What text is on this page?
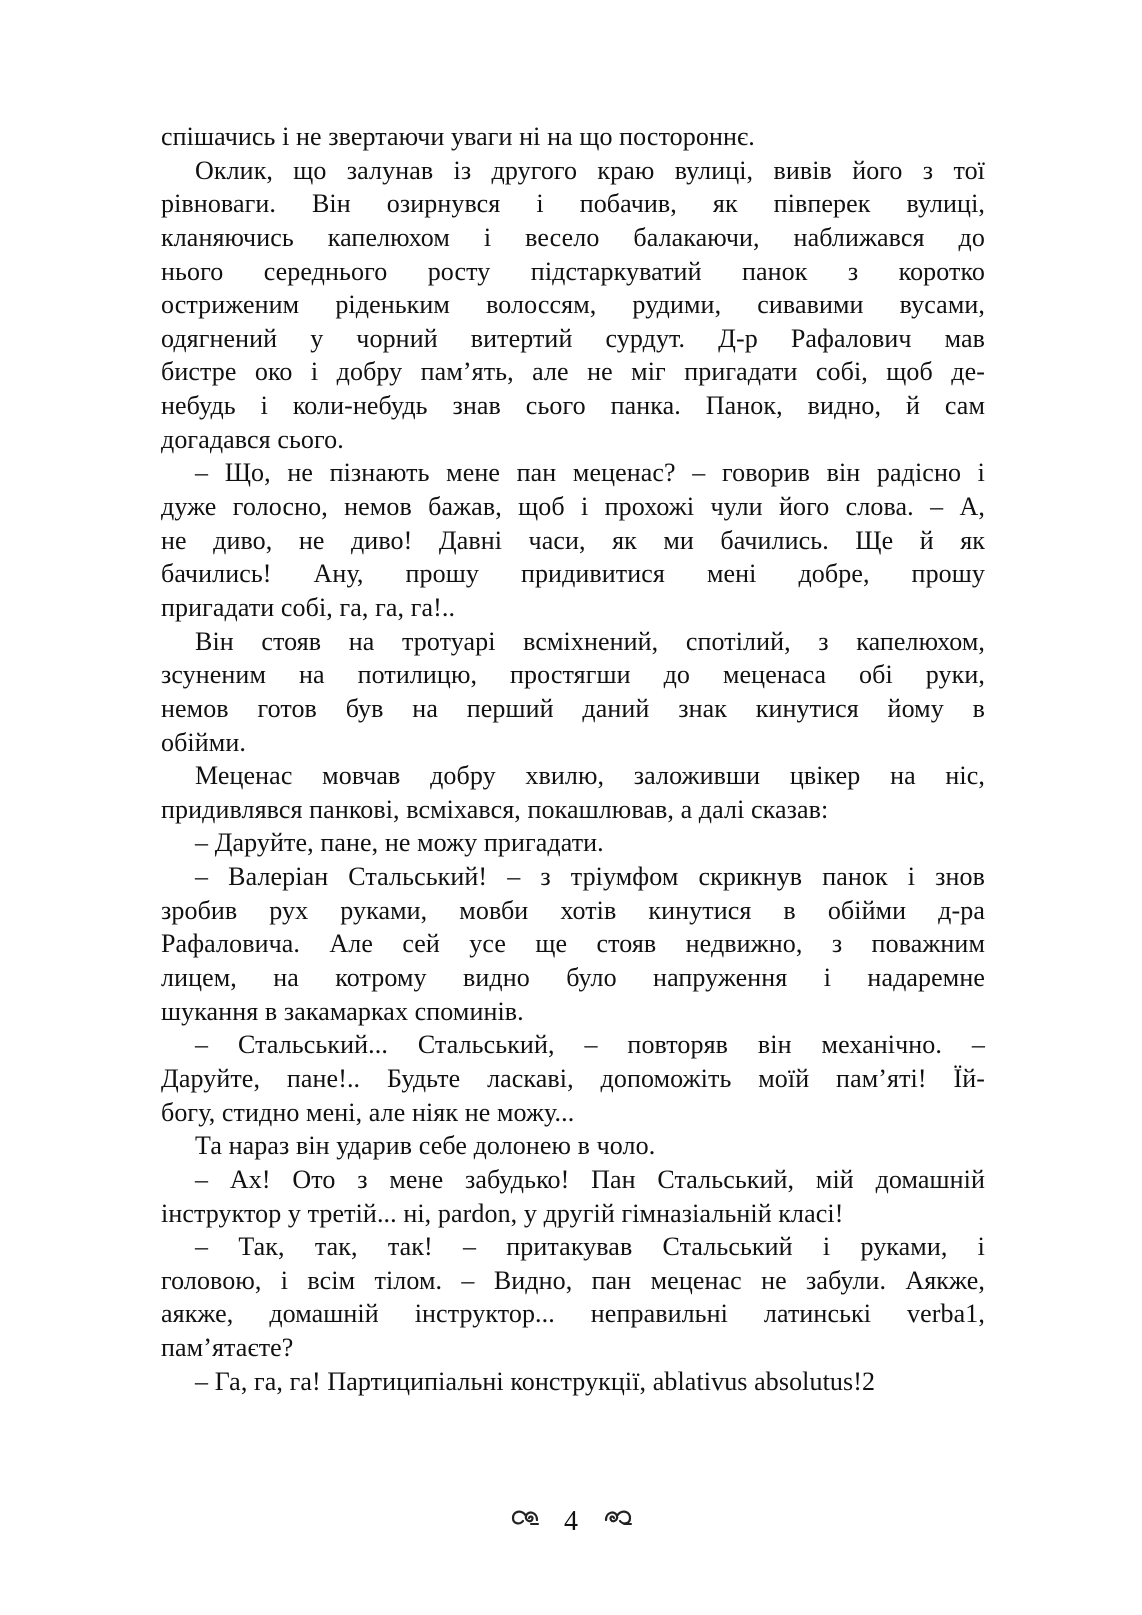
спішачись і не звертаючи уваги ні на що постороннє.
Оклик, що залунав із другого краю вулиці, вивів його з тої
рівноваги. Він озирнувся і побачив, як півперек вулиці,
кланяючись капелюхом і весело балакаючи, наближався до
нього середнього росту підстаркуватий панок з коротко
остриженим ріденьким волоссям, рудими, сивавими вусами,
одягнений у чорний витертий сурдут. Д-р Рафалович мав
бистре око і добру пам’ять, але не міг пригадати собі, щоб де-
небудь і коли-небудь знав сього панка. Панок, видно, й сам
догадався сього.
– Що, не пізнають мене пан меценас? – говорив він радісно і
дуже голосно, немов бажав, щоб і прохожі чули його слова. – А,
не диво, не диво! Давні часи, як ми бачились. Ще й як
бачились! Ану, прошу придивитися мені добре, прошу
пригадати собі, га, га, га!..
Він стояв на тротуарі всміхнений, спотілий, з капелюхом,
зсуненим на потилицю, простягши до меценаса обі руки,
немов готов був на перший даний знак кинутися йому в
обійми.
Меценас мовчав добру хвилю, заложивши цвікер на ніс,
придивлявся панкові, всміхався, покашлював, а далі сказав:
– Даруйте, пане, не можу пригадати.
– Валеріан Стальський! – з тріумфом скрикнув панок і знов
зробив рух руками, мовби хотів кинутися в обійми д-ра
Рафаловича. Але сей усе ще стояв недвижно, з поважним
лицем, на котрому видно було напруження і надаремне
шукання в закамарках споминів.
– Стальський... Стальський, – повторяв він механічно. –
Даруйте, пане!.. Будьте ласкаві, допоможіть моїй пам’яті! Їй-
богу, стидно мені, але ніяк не можу...
Та нараз він ударив себе долонею в чоло.
– Ах! Ото з мене забудько! Пан Стальський, мій домашній
інструктор у третій... ні, pardon, у другій гімназіальній класі!
– Так, так, так! – притакував Стальський і руками, і
головою, і всім тілом. – Видно, пан меценас не забули. Аякже,
аякже, домашній інструктор... неправильні латинські verba1,
пам’ятаєте?
– Га, га, га! Партиципіальні конструкції, ablativus absolutus!2
4
